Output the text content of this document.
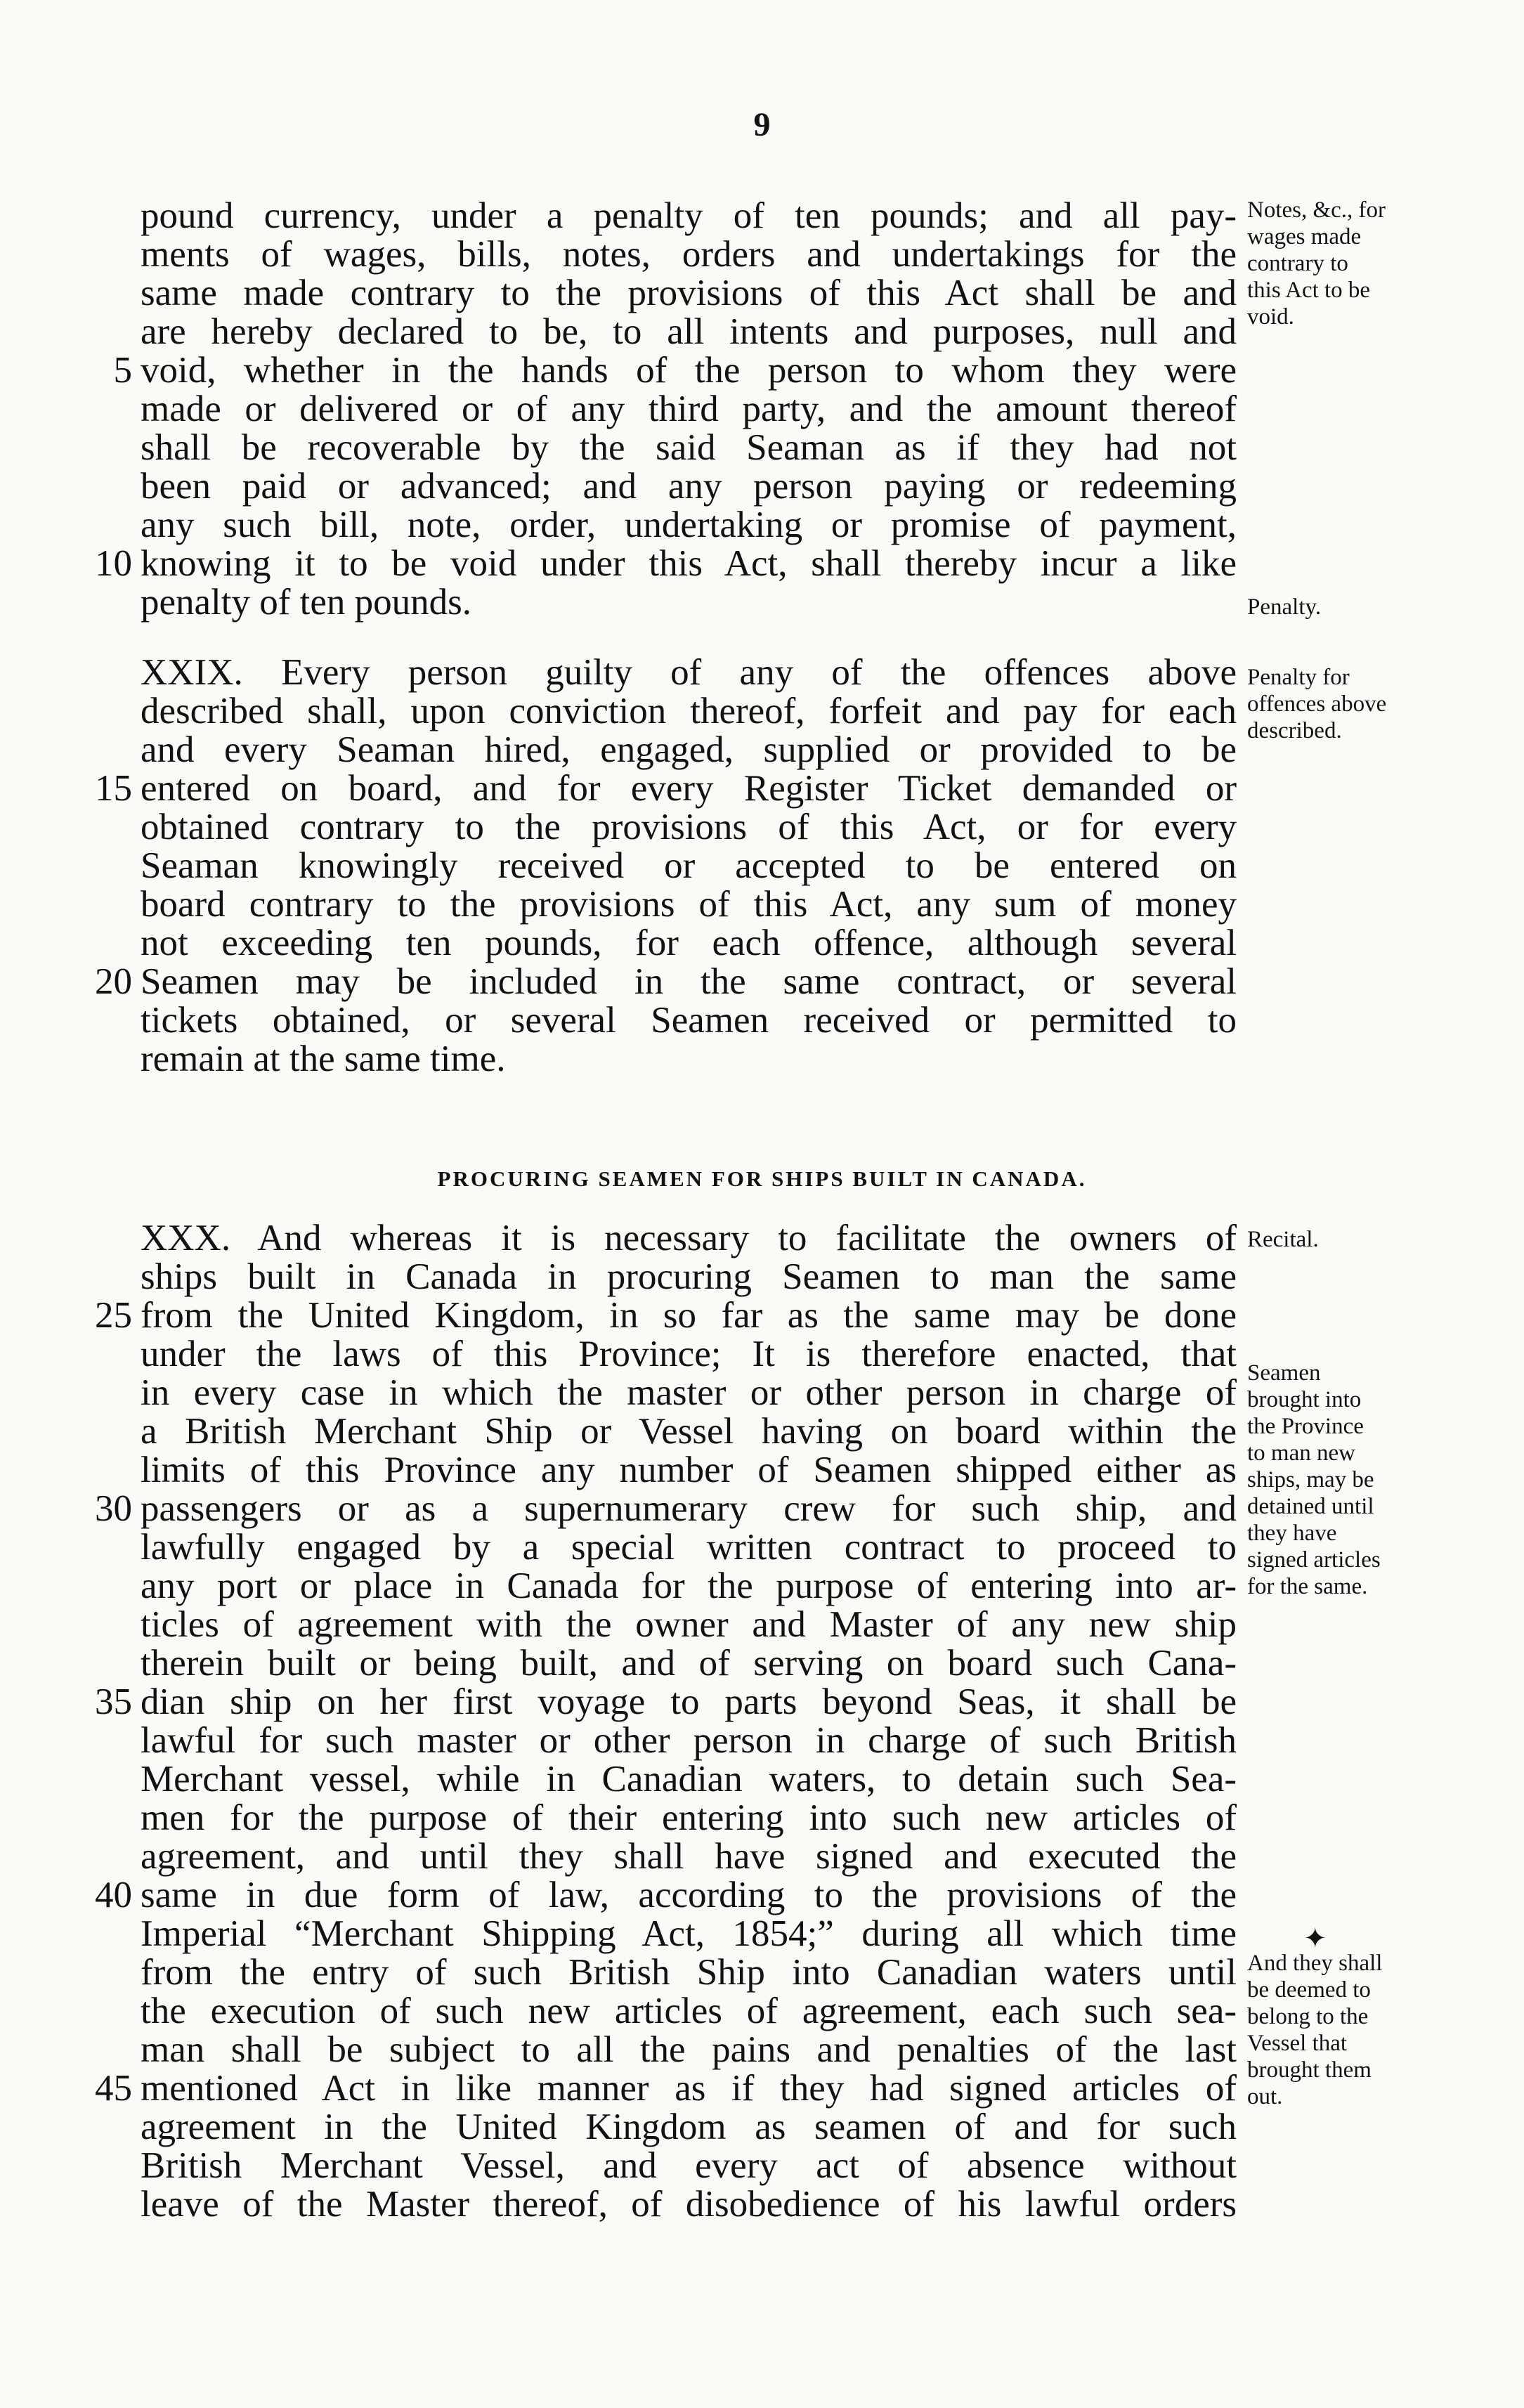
9
pound currency, under a penalty of ten pounds; and all pay-
ments of wages, bills, notes, orders and undertakings for the
same made contrary to the provisions of this Act shall be and
are hereby declared to be, to all intents and purposes, null and
void, whether in the hands of the person to whom they were
5
made or delivered or of any third party, and the amount thereof
shall be recoverable by the said Seaman as if they had not
been paid or advanced; and any person paying or redeeming
any such bill, note, order, undertaking or promise of payment,
knowing it to be void under this Act, shall thereby incur a like
10
penalty of ten pounds.
XXIX. Every person guilty of any of the offences above
described shall, upon conviction thereof, forfeit and pay for each
and every Seaman hired, engaged, supplied or provided to be
entered on board, and for every Register Ticket demanded or
15
obtained contrary to the provisions of this Act, or for every
Seaman knowingly received or accepted to be entered on
board contrary to the provisions of this Act, any sum of money
not exceeding ten pounds, for each offence, although several
Seamen may be included in the same contract, or several
20
tickets obtained, or several Seamen received or permitted to
remain at the same time.
XXX. And whereas it is necessary to facilitate the owners of
ships built in Canada in procuring Seamen to man the same
from the United Kingdom, in so far as the same may be done
25
under the laws of this Province; It is therefore enacted, that
in every case in which the master or other person in charge of
a British Merchant Ship or Vessel having on board within the
limits of this Province any number of Seamen shipped either as
passengers or as a supernumerary crew for such ship, and
30
lawfully engaged by a special written contract to proceed to
any port or place in Canada for the purpose of entering into ar-
ticles of agreement with the owner and Master of any new ship
therein built or being built, and of serving on board such Cana-
dian ship on her first voyage to parts beyond Seas, it shall be
35
lawful for such master or other person in charge of such British
Merchant vessel, while in Canadian waters, to detain such Sea-
men for the purpose of their entering into such new articles of
agreement, and until they shall have signed and executed the
same in due form of law, according to the provisions of the
40
Imperial “Merchant Shipping Act, 1854;” during all which time
from the entry of such British Ship into Canadian waters until
the execution of such new articles of agreement, each such sea-
man shall be subject to all the pains and penalties of the last
mentioned Act in like manner as if they had signed articles of
45
agreement in the United Kingdom as seamen of and for such
British Merchant Vessel, and every act of absence without
leave of the Master thereof, of disobedience of his lawful orders
PROCURING SEAMEN FOR SHIPS BUILT IN CANADA.
Notes, &c., for
wages made
contrary to
this Act to be
void.
Penalty.
Penalty for
offences above
described.
Recital.
Seamen
brought into
the Province
to man new
ships, may be
detained until
they have
signed articles
for the same.
And they shall
be deemed to
belong to the
Vessel that
brought them
out.
✦
